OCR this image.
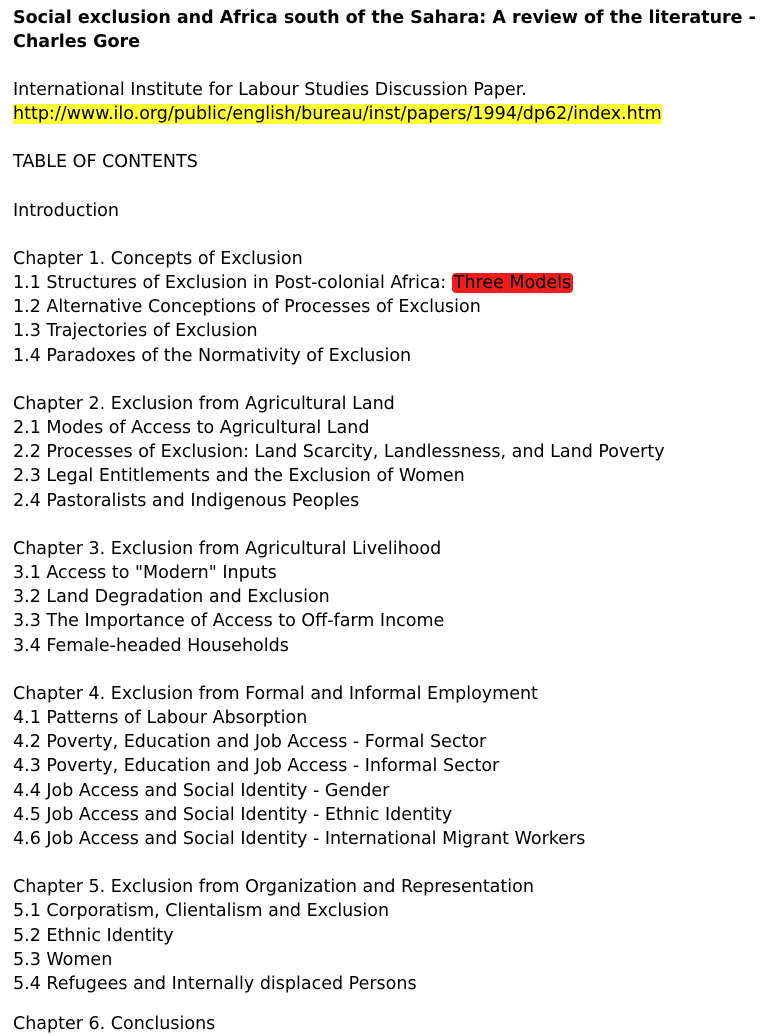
Social exclusion and Africa south of the Sahara: A review of the literature -

Charles Gore

International Institute for Labour Studies Discussion Paper.

http://www.ilo.org/public/english/bureau/inst/papers/1994/dp62/index.htm

TABLE OF CONTENTS

Introduction

Chapter 1. Concepts of Exclusion

1.1 Structures of Exclusion in Post-colonial Africa: Three Models

1.2 Alternative Conceptions of Processes of Exclusion

1.3 Trajectories of Exclusion

1.4 Paradoxes of the Normativity of Exclusion

Chapter 2. Exclusion from Agricultural Land

2.1 Modes of Access to Agricultural Land

2.2 Processes of Exclusion: Land Scarcity, Landlessness, and Land Poverty

2.3 Legal Entitlements and the Exclusion of Women

2.4 Pastoralists and Indigenous Peoples

Chapter 3. Exclusion from Agricultural Livelihood

3.1 Access to "Modern" Inputs

3.2 Land Degradation and Exclusion

3.3 The Importance of Access to Off-farm Income

3.4 Female-headed Households

Chapter 4. Exclusion from Formal and Informal Employment

4.1 Patterns of Labour Absorption

4.2 Poverty, Education and Job Access - Formal Sector

4.3 Poverty, Education and Job Access - Informal Sector

4.4 Job Access and Social Identity - Gender

4.5 Job Access and Social Identity - Ethnic Identity

4.6 Job Access and Social Identity - International Migrant Workers

Chapter 5. Exclusion from Organization and Representation

5.1 Corporatism, Clientalism and Exclusion

5.2 Ethnic Identity

5.3 Women

5.4 Refugees and Internally displaced Persons

Chapter 6. Conclusions
